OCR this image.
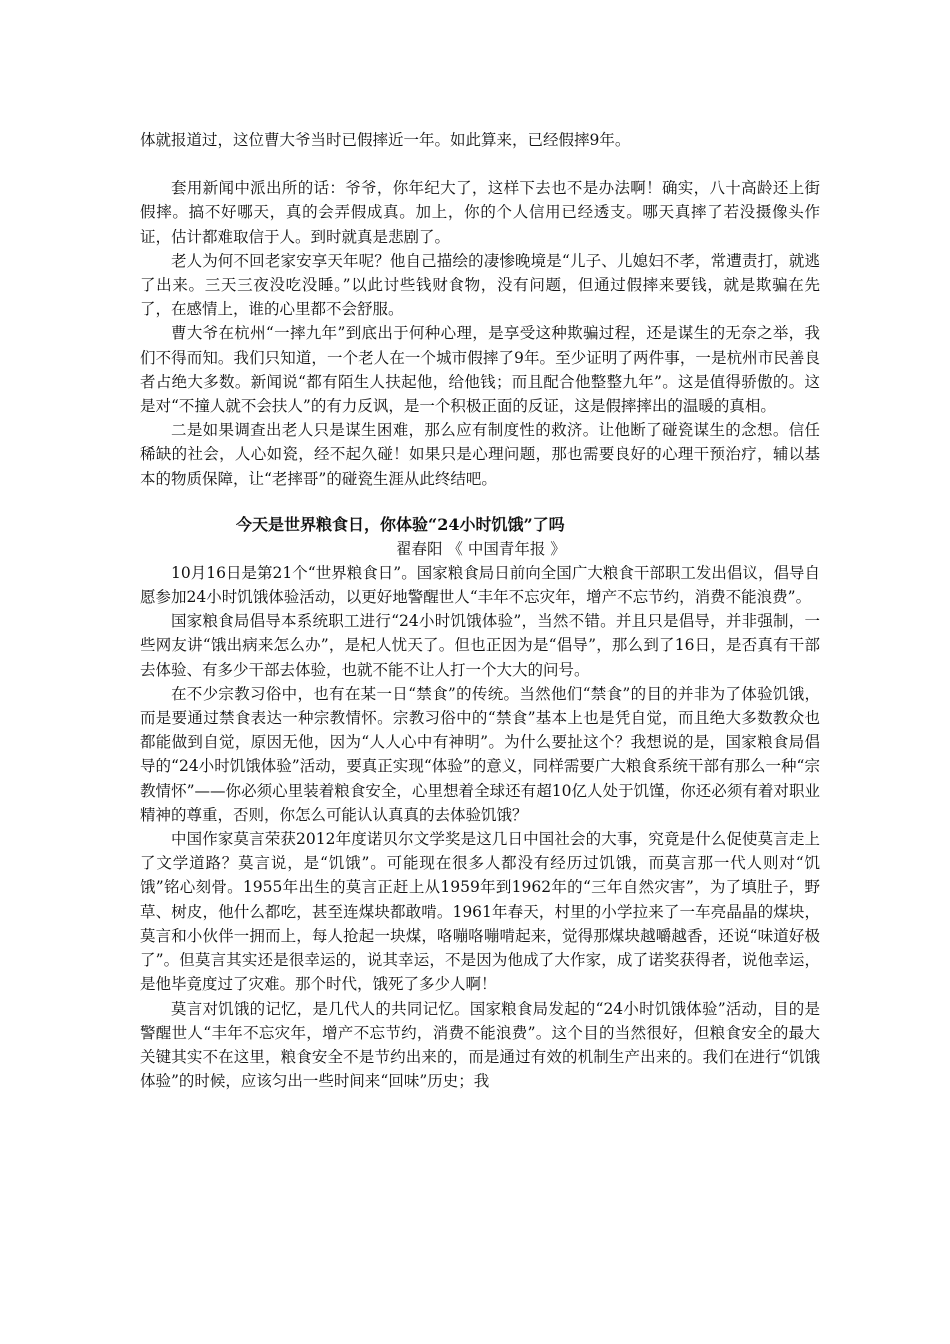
体就报道过，这位曹大爷当时已假摔近一年。如此算来，已经假摔9年。

套用新闻中派出所的话：爷爷，你年纪大了，这样下去也不是办法啊！确实，八十高龄还上街假摔。搞不好哪天，真的会弄假成真。加上，你的个人信用已经透支。哪天真摔了若没摄像头作证，估计都难取信于人。到时就真是悲剧了。

老人为何不回老家安享天年呢？他自己描绘的凄惨晚境是“儿子、儿媳妇不孝，常遭责打，就逃了出来。三天三夜没吃没睡。”以此讨些钱财食物，没有问题，但通过假摔来要钱，就是欺骗在先了，在感情上，谁的心里都不会舒服。

曹大爷在杭州“一摔九年”到底出于何种心理，是享受这种欺骗过程，还是谋生的无奈之举，我们不得而知。我们只知道，一个老人在一个城市假摔了9年。至少证明了两件事，一是杭州市民善良者占绝大多数。新闻说“都有陌生人扶起他，给他钱；而且配合他整整九年”。这是值得骄傲的。这是对“不撞人就不会扶人”的有力反讽，是一个积极正面的反证，这是假摔摔出的温暖的真相。

二是如果调查出老人只是谋生困难，那么应有制度性的救济。让他断了碰瓷谋生的念想。信任稀缺的社会，人心如瓷，经不起久碰！如果只是心理问题，那也需要良好的心理干预治疗，辅以基本的物质保障，让“老摔哥”的碰瓷生涯从此终结吧。

今天是世界粮食日，你体验“24小时饥饿”了吗

翟春阳 《 中国青年报 》

10月16日是第21个“世界粮食日”。国家粮食局日前向全国广大粮食干部职工发出倡议，倡导自愿参加24小时饥饿体验活动，以更好地警醒世人“丰年不忘灾年，增产不忘节约，消费不能浪费”。

国家粮食局倡导本系统职工进行“24小时饥饿体验”，当然不错。并且只是倡导，并非强制，一些网友讲“饿出病来怎么办”，是杞人忧天了。但也正因为是“倡导”，那么到了16日，是否真有干部去体验、有多少干部去体验，也就不能不让人打一个大大的问号。

在不少宗教习俗中，也有在某一日“禁食”的传统。当然他们“禁食”的目的并非为了体验饥饿，而是要通过禁食表达一种宗教情怀。宗教习俗中的“禁食”基本上也是凭自觉，而且绝大多数教众也都能做到自觉，原因无他，因为“人人心中有神明”。为什么要扯这个？我想说的是，国家粮食局倡导的“24小时饥饿体验”活动，要真正实现“体验”的意义，同样需要广大粮食系统干部有那么一种“宗教情怀”——你必须心里装着粮食安全，心里想着全球还有超10亿人处于饥馑，你还必须有着对职业精神的尊重，否则，你怎么可能认认真真的去体验饥饿？

中国作家莫言荣获2012年度诺贝尔文学奖是这几日中国社会的大事，究竟是什么促使莫言走上了文学道路？莫言说，是“饥饿”。可能现在很多人都没有经历过饥饿，而莫言那一代人则对“饥饿”铭心刻骨。1955年出生的莫言正赶上从1959年到1962年的“三年自然灾害”，为了填肚子，野草、树皮，他什么都吃，甚至连煤块都敢啃。1961年春天，村里的小学拉来了一车亮晶晶的煤块，莫言和小伙伴一拥而上，每人抢起一块煤，咯嘣咯嘣啃起来，觉得那煤块越嚼越香，还说“味道好极了”。但莫言其实还是很幸运的，说其幸运，不是因为他成了大作家，成了诺奖获得者，说他幸运，是他毕竟度过了灾难。那个时代，饿死了多少人啊！

莫言对饥饿的记忆，是几代人的共同记忆。国家粮食局发起的“24小时饥饿体验”活动，目的是警醒世人“丰年不忘灾年，增产不忘节约，消费不能浪费”。这个目的当然很好，但粮食安全的最大关键其实不在这里，粮食安全不是节约出来的，而是通过有效的机制生产出来的。我们在进行“饥饿体验”的时候，应该匀出一些时间来“回味”历史；我
